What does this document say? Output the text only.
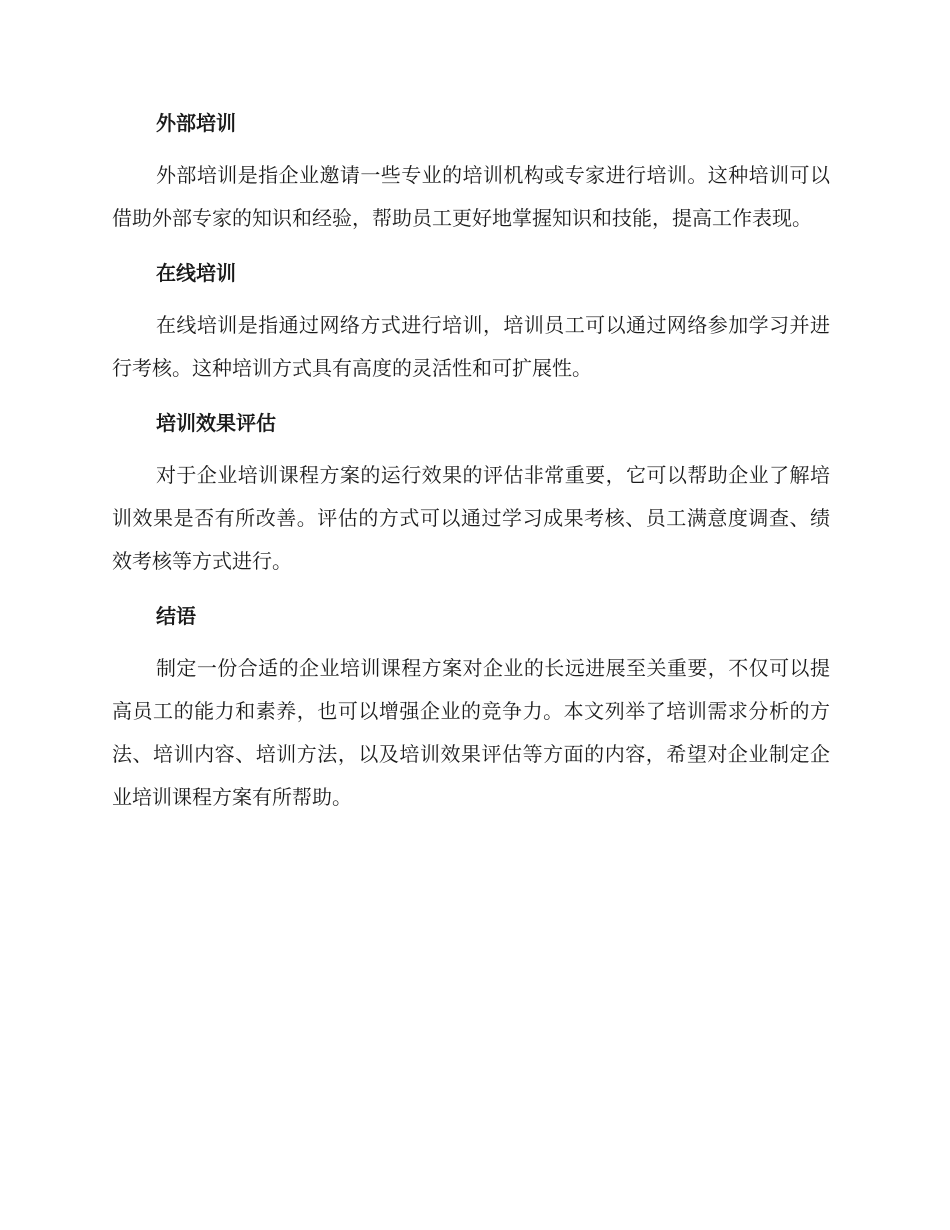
外部培训

外部培训是指企业邀请一些专业的培训机构或专家进行培训。这种培训可以借助外部专家的知识和经验，帮助员工更好地掌握知识和技能，提高工作表现。

在线培训

在线培训是指通过网络方式进行培训，培训员工可以通过网络参加学习并进行考核。这种培训方式具有高度的灵活性和可扩展性。

培训效果评估

对于企业培训课程方案的运行效果的评估非常重要，它可以帮助企业了解培训效果是否有所改善。评估的方式可以通过学习成果考核、员工满意度调查、绩效考核等方式进行。

结语

制定一份合适的企业培训课程方案对企业的长远进展至关重要，不仅可以提高员工的能力和素养，也可以增强企业的竞争力。本文列举了培训需求分析的方法、培训内容、培训方法，以及培训效果评估等方面的内容，希望对企业制定企业培训课程方案有所帮助。
